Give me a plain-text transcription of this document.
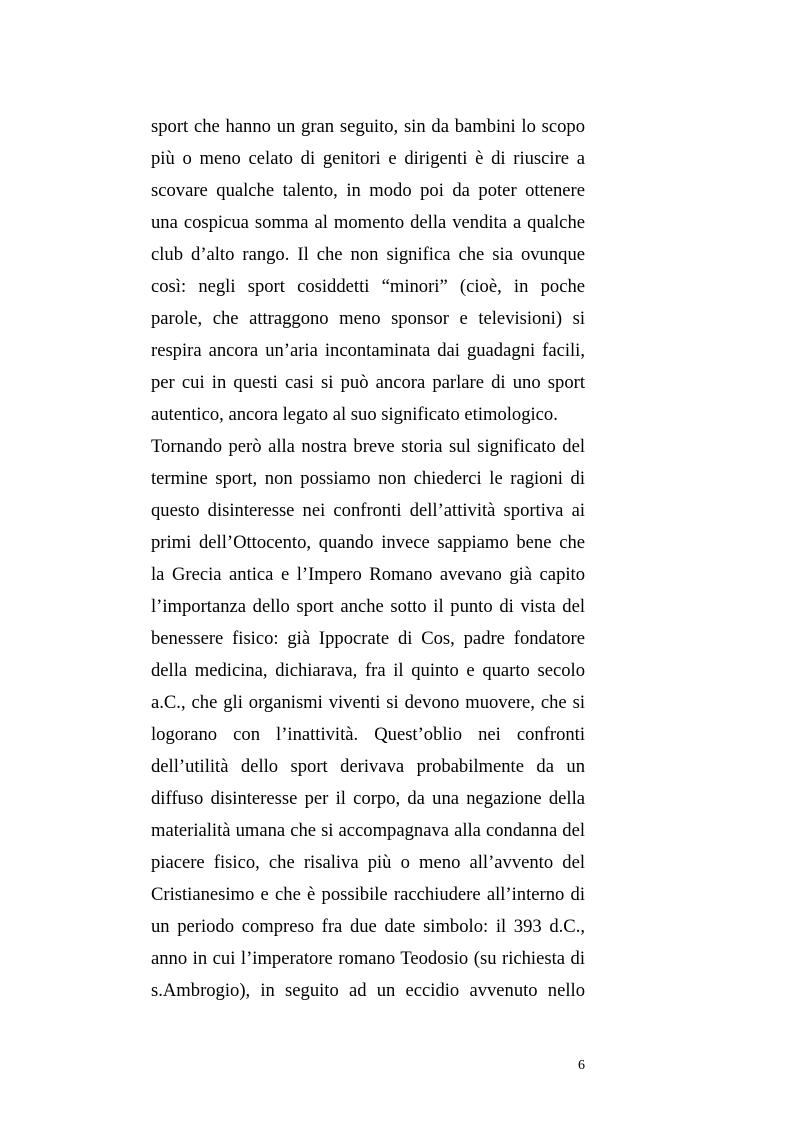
sport che hanno un gran seguito, sin da bambini lo scopo
più o meno celato di genitori e dirigenti è di riuscire a
scovare qualche talento, in modo poi da poter ottenere
una cospicua somma al momento della vendita a qualche
club d’alto rango. Il che non significa che sia ovunque
così: negli sport cosiddetti “minori” (cioè, in poche
parole, che attraggono meno sponsor e televisioni) si
respira ancora un’aria incontaminata dai guadagni facili,
per cui in questi casi si può ancora parlare di uno sport
autentico, ancora legato al suo significato etimologico.
Tornando però alla nostra breve storia sul significato del
termine sport, non possiamo non chiederci le ragioni di
questo disinteresse nei confronti dell’attività sportiva ai
primi dell’Ottocento, quando invece sappiamo bene che
la Grecia antica e l’Impero Romano avevano già capito
l’importanza dello sport anche sotto il punto di vista del
benessere fisico: già Ippocrate di Cos, padre fondatore
della medicina, dichiarava, fra il quinto e quarto secolo
a.C., che gli organismi viventi si devono muovere, che si
logorano con l’inattività. Quest’oblio nei confronti
dell’utilità dello sport derivava probabilmente da un
diffuso disinteresse per il corpo, da una negazione della
materialità umana che si accompagnava alla condanna del
piacere fisico, che risaliva più o meno all’avvento del
Cristianesimo e che è possibile racchiudere all’interno di
un periodo compreso fra due date simbolo: il 393 d.C.,
anno in cui l’imperatore romano Teodosio (su richiesta di
s.Ambrogio), in seguito ad un eccidio avvenuto nello
6
